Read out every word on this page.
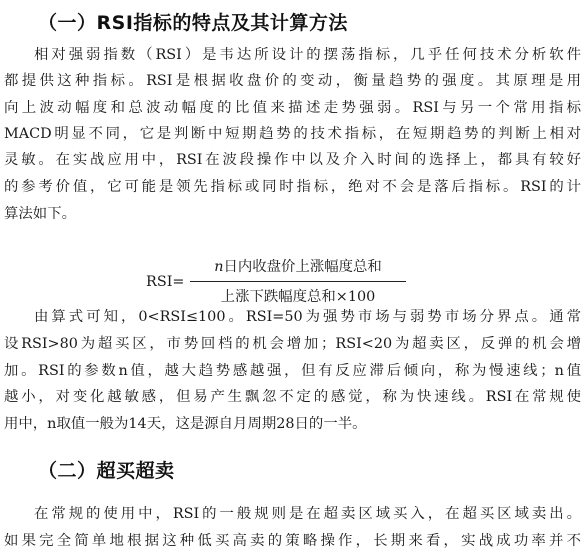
（一）RSI指标的特点及其计算方法
相对强弱指数（RSI）是韦达所设计的摆荡指标，几乎任何技术分析软件
都提供这种指标。RSI是根据收盘价的变动，衡量趋势的强度。其原理是用
向上波动幅度和总波动幅度的比值来描述走势强弱。RSI与另一个常用指标
MACD明显不同，它是判断中短期趋势的技术指标，在短期趋势的判断上相对
灵敏。在实战应用中，RSI在波段操作中以及介入时间的选择上，都具有较好
的参考价值，它可能是领先指标或同时指标，绝对不会是落后指标。RSI的计
算法如下。
RSI=
n日内收盘价上涨幅度总和
上涨下跌幅度总和×100
由算式可知，0<RSI≤100。RSI=50为强势市场与弱势市场分界点。通常
设RSI>80为超买区，市势回档的机会增加；RSI<20为超卖区，反弹的机会增
加。RSI的参数n值，越大趋势感越强，但有反应滞后倾向，称为慢速线；n值
越小，对变化越敏感，但易产生飘忽不定的感觉，称为快速线。RSI在常规使
用中，n取值一般为14天，这是源自月周期28日的一半。
（二）超买超卖
在常规的使用中，RSI的一般规则是在超卖区域买入，在超买区域卖出。
如果完全简单地根据这种低买高卖的策略操作，长期来看，实战成功率并不
